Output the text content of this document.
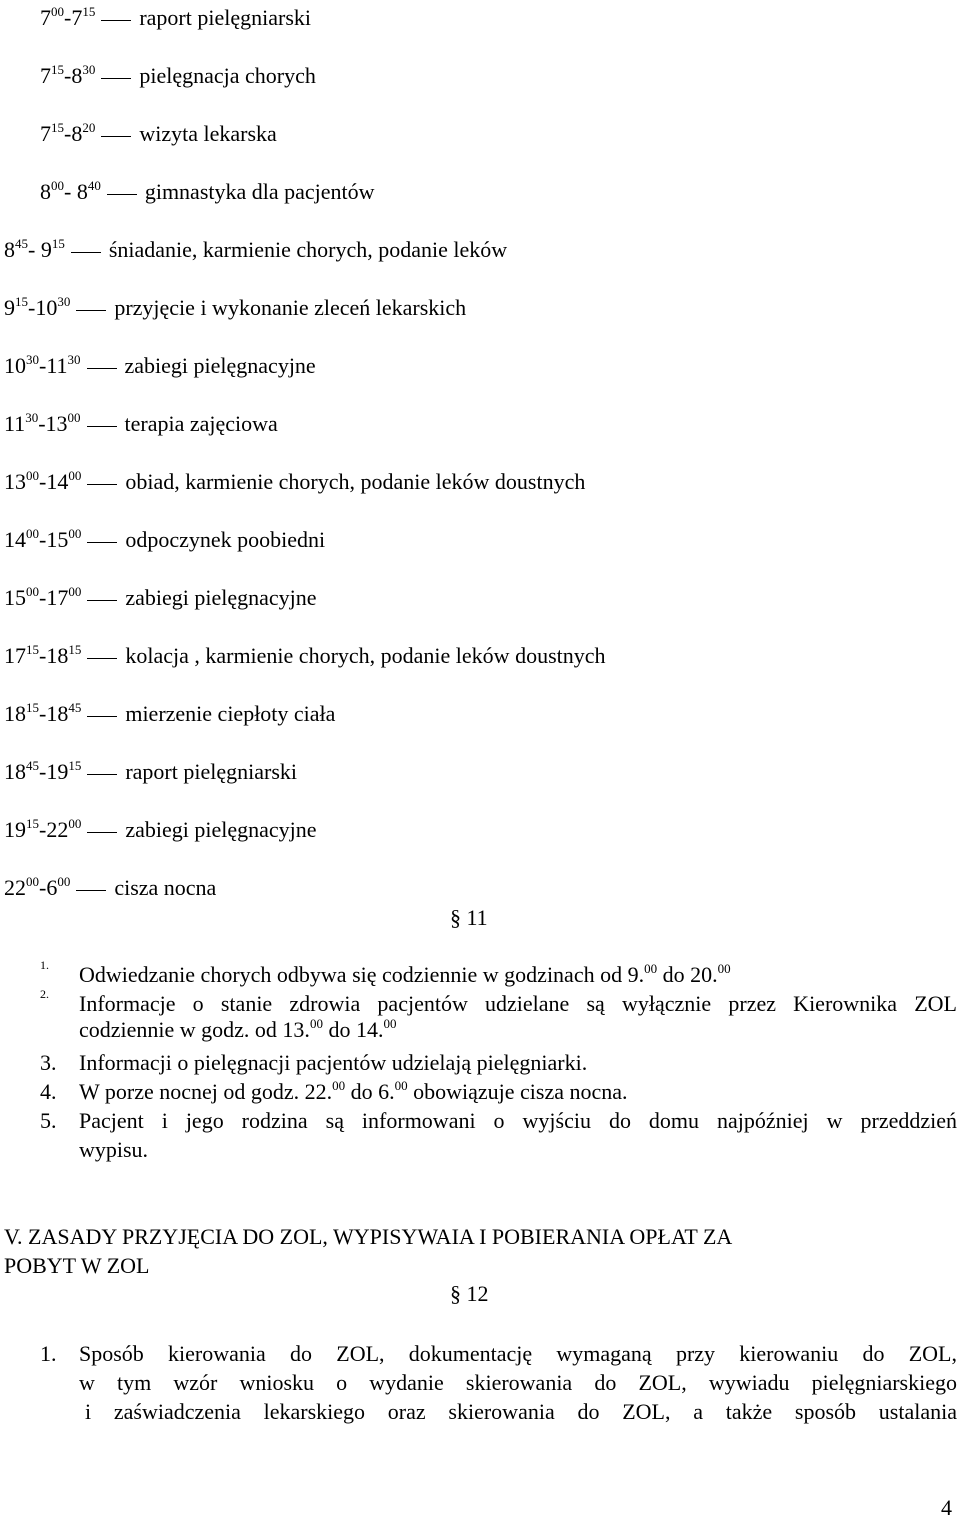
$7^{00}-7^{15}$ raport pielęgniarski
$7^{15}-8^{30}$ pielęgnacja chorych
$7^{15}-8^{20}$ wizyta lekarska
$8^{00}-$ $8^{40}$ gimnastyka dla pacjentów
$8^{45}-$ $9^{15}$ śniadanie, karmienie chorych, podanie leków
$9^{15}-10^{30}$ przyjęcie i wykonanie zleceń lekarskich
$10^{30}-11^{30}$ zabiegi pielęgnacyjne
$11^{30}-13^{00}$ terapia zajęciowa
$13^{00}-14^{00}$ obiad, karmienie chorych, podanie leków doustnych
$14^{00}-15^{00}$ odpoczynek poobiedni
$15^{00}-17^{00}$ zabiegi pielęgnacyjne
$17^{15}-18^{15}$ kolacja , karmienie chorych, podanie leków doustnych
$18^{15}-18^{45}$ mierzenie ciepłoty ciała
$18^{45}-19^{15}$ raport pielęgniarski
$19^{15}-22^{00}$ zabiegi pielęgnacyjne
$22^{00}-6^{00}$ cisza nocna
§ 11
1. Odwiedzanie chorych odbywa się codziennie w godzinach od 9.00 do 20.00
2. Informacje o stanie zdrowia pacjentów udzielane są wyłącznie przez Kierownika ZOL
codziennie w godz. od 13.00 do 14.00
3. Informacji o pielęgnacji pacjentów udzielają pielęgniarki.
4. W porze nocnej od godz. 22.00 do 6.00 obowiązuje cisza nocna.
5. Pacjent i jego rodzina są informowani o wyjściu do domu najpóźniej w przeddzień
wypisu.
V. ZASADY PRZYJĘCIA DO ZOL, WYPISYWAIA I POBIERANIA OPŁAT ZA
POBYT W ZOL
§ 12
1.	Sposób kierowania do ZOL, dokumentację wymaganą przy kierowaniu do ZOL,
w tym wzór wniosku o wydanie skierowania do ZOL, wywiadu pielęgniarskiego
i zaświadczenia lekarskiego oraz skierowania do ZOL, a także sposób ustalania
4
